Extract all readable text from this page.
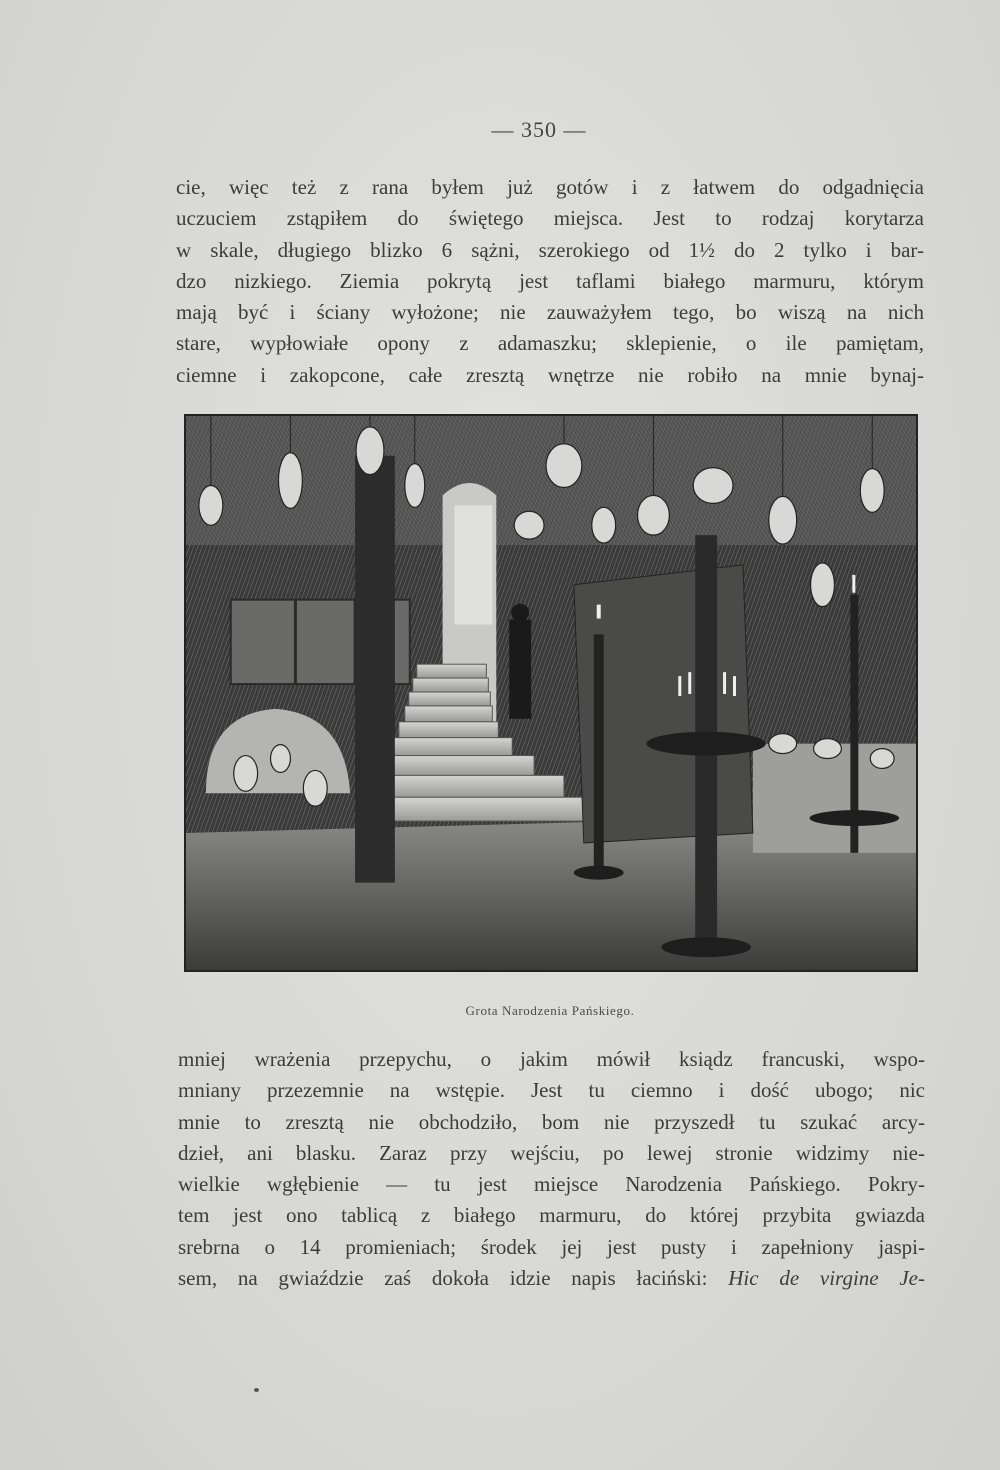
— 350 —
cie, więc też z rana byłem już gotów i z łatwem do odgadnięcia
uczuciem zstąpiłem do świętego miejsca. Jest to rodzaj korytarza
w skale, długiego blizko 6 sążni, szerokiego od 1½ do 2 tylko i bar-
dzo nizkiego. Ziemia pokrytą jest taflami białego marmuru, którym
mają być i ściany wyłożone; nie zauważyłem tego, bo wiszą na nich
stare, wypłowiałe opony z adamaszku; sklepienie, o ile pamiętam,
ciemne i zakopcone, całe zresztą wnętrze nie robiło na mnie bynaj-
Grota Narodzenia Pańskiego.
mniej wrażenia przepychu, o jakim mówił ksiądz francuski, wspo-
mniany przezemnie na wstępie. Jest tu ciemno i dość ubogo; nic
mnie to zresztą nie obchodziło, bom nie przyszedł tu szukać arcy-
dzieł, ani blasku. Zaraz przy wejściu, po lewej stronie widzimy nie-
wielkie wgłębienie — tu jest miejsce Narodzenia Pańskiego. Pokry-
tem jest ono tablicą z białego marmuru, do której przybita gwiazda
srebrna o 14 promieniach; środek jej jest pusty i zapełniony jaspi-
sem, na gwiaździe zaś dokoła idzie napis łaciński: Hic de virgine Je-
